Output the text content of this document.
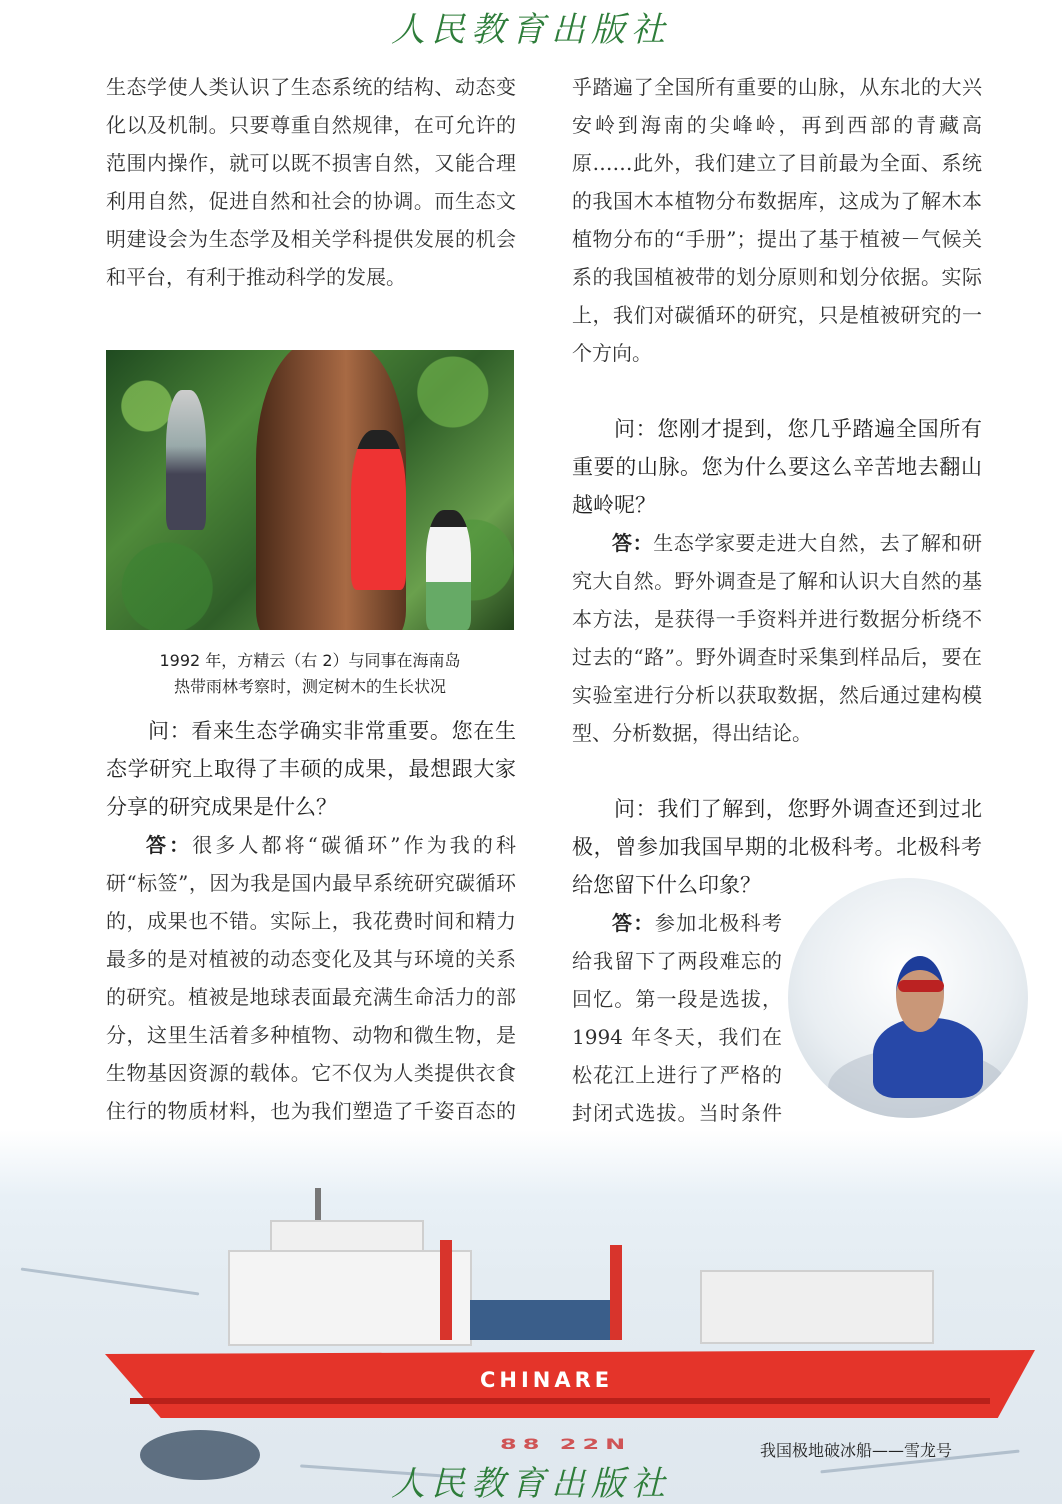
人民教育出版社

生态学使人类认识了生态系统的结构、动态变化以及机制。只要尊重自然规律，在可允许的范围内操作，就可以既不损害自然，又能合理利用自然，促进自然和社会的协调。而生态文明建设会为生态学及相关学科提供发展的机会和平台，有利于推动科学的发展。

1992 年，方精云（右 2）与同事在海南岛
热带雨林考察时，测定树木的生长状况

问：看来生态学确实非常重要。您在生态学研究上取得了丰硕的成果，最想跟大家分享的研究成果是什么？

答：很多人都将“碳循环”作为我的科研“标签”，因为我是国内最早系统研究碳循环的，成果也不错。实际上，我花费时间和精力最多的是对植被的动态变化及其与环境的关系的研究。植被是地球表面最充满生命活力的部分，这里生活着多种植物、动物和微生物，是生物基因资源的载体。它不仅为人类提供衣食住行的物质材料，也为我们塑造了千姿百态的

乎踏遍了全国所有重要的山脉，从东北的大兴安岭到海南的尖峰岭，再到西部的青藏高原……此外，我们建立了目前最为全面、系统的我国木本植物分布数据库，这成为了解木本植物分布的“手册”；提出了基于植被－气候关系的我国植被带的划分原则和划分依据。实际上，我们对碳循环的研究，只是植被研究的一个方向。

问：您刚才提到，您几乎踏遍全国所有重要的山脉。您为什么要这么辛苦地去翻山越岭呢？

答：生态学家要走进大自然，去了解和研究大自然。野外调查是了解和认识大自然的基本方法，是获得一手资料并进行数据分析绕不过去的“路”。野外调查时采集到样品后，要在实验室进行分析以获取数据，然后通过建构模型、分析数据，得出结论。

问：我们了解到，您野外调查还到过北极，曾参加我国早期的北极科考。北极科考给您留下什么印象？

答：参加北极科考给我留下了两段难忘的回忆。第一段是选拔，1994 年冬天，我们在松花江上进行了严格的封闭式选拔。当时条件

CHINARE
88 22N	我国极地破冰船——雪龙号
人民教育出版社
